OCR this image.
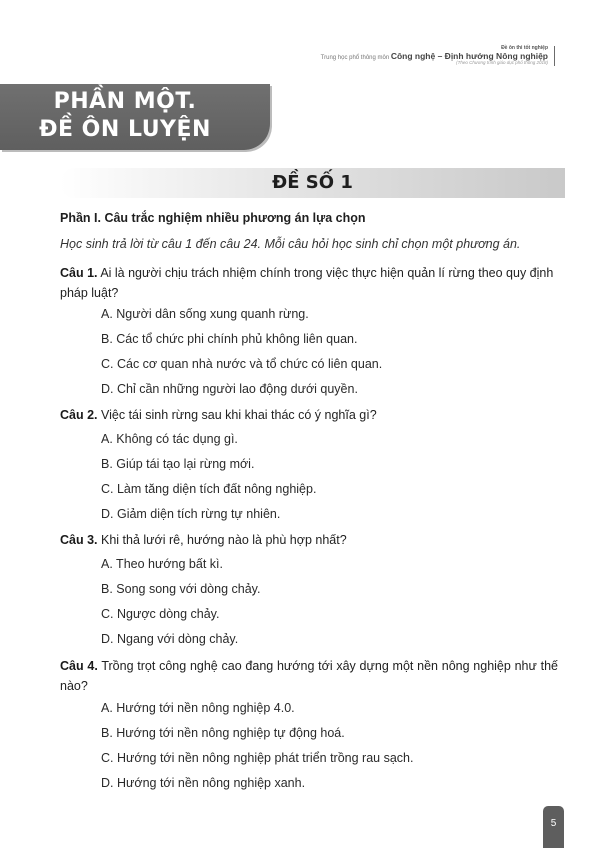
Đề ôn thi tốt nghiệp
Trung học phổ thông môn Công nghệ – Định hướng Nông nghiệp
(Theo Chương trình giáo dục phổ thông 2018)
PHẦN MỘT.
ĐỀ ÔN LUYỆN
ĐỀ SỐ 1
Phần I. Câu trắc nghiệm nhiều phương án lựa chọn
Học sinh trả lời từ câu 1 đến câu 24. Mỗi câu hỏi học sinh chỉ chọn một phương án.
Câu 1. Ai là người chịu trách nhiệm chính trong việc thực hiện quản lí rừng theo quy định pháp luật?
A. Người dân sống xung quanh rừng.
B. Các tổ chức phi chính phủ không liên quan.
C. Các cơ quan nhà nước và tổ chức có liên quan.
D. Chỉ cần những người lao động dưới quyền.
Câu 2. Việc tái sinh rừng sau khi khai thác có ý nghĩa gì?
A. Không có tác dụng gì.
B. Giúp tái tạo lại rừng mới.
C. Làm tăng diện tích đất nông nghiệp.
D. Giảm diện tích rừng tự nhiên.
Câu 3. Khi thả lưới rê, hướng nào là phù hợp nhất?
A. Theo hướng bất kì.
B. Song song với dòng chảy.
C. Ngược dòng chảy.
D. Ngang với dòng chảy.
Câu 4. Trồng trọt công nghệ cao đang hướng tới xây dựng một nền nông nghiệp như thế nào?
A. Hướng tới nền nông nghiệp 4.0.
B. Hướng tới nền nông nghiệp tự động hoá.
C. Hướng tới nền nông nghiệp phát triển trồng rau sạch.
D. Hướng tới nền nông nghiệp xanh.
5
